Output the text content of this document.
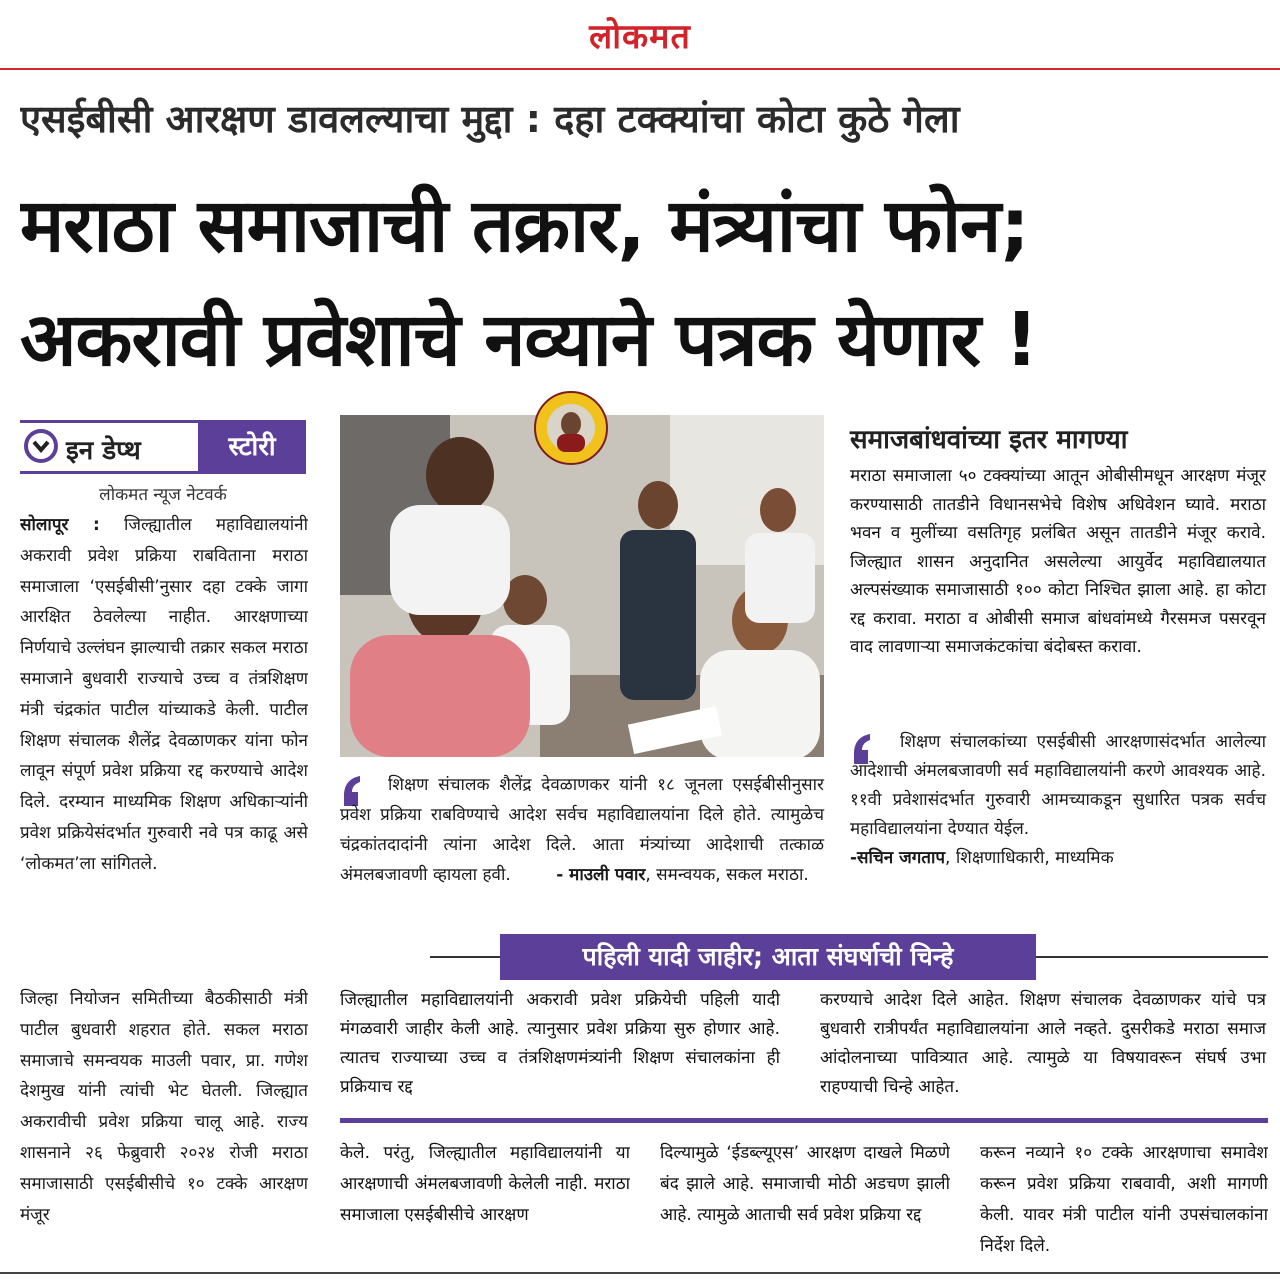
लोकमत
एसईबीसी आरक्षण डावलल्याचा मुद्दा : दहा टक्क्यांचा कोटा कुठे गेला
मराठा समाजाची तक्रार, मंत्र्यांचा फोन;
अकरावी प्रवेशाचे नव्याने पत्रक येणार !
इन डेप्थ	स्टोरी
लोकमत न्यूज नेटवर्क
सोलापूर : जिल्ह्यातील महाविद्यालयांनी अकरावी प्रवेश प्रक्रिया राबविताना मराठा समाजाला ‘एसईबीसी’नुसार दहा टक्के जागा आरक्षित ठेवलेल्या नाहीत. आरक्षणाच्या निर्णयाचे उल्लंघन झाल्याची तक्रार सकल मराठा समाजाने बुधवारी राज्याचे उच्च व तंत्रशिक्षण मंत्री चंद्रकांत पाटील यांच्याकडे केली. पाटील शिक्षण संचालक शैलेंद्र देवळाणकर यांना फोन लावून संपूर्ण प्रवेश प्रक्रिया रद्द करण्याचे आदेश दिले. दरम्यान माध्यमिक शिक्षण अधिकाऱ्यांनी प्रवेश प्रक्रियेसंदर्भात गुरुवारी नवे पत्र काढू असे ‘लोकमत’ला सांगितले.
जिल्हा नियोजन समितीच्या बैठकीसाठी मंत्री पाटील बुधवारी शहरात होते. सकल मराठा समाजाचे समन्वयक माउली पवार, प्रा. गणेश देशमुख यांनी त्यांची भेट घेतली. जिल्ह्यात अकरावीची प्रवेश प्रक्रिया चालू आहे. राज्य शासनाने २६ फेब्रुवारी २०२४ रोजी मराठा समाजासाठी एसईबीसीचे १० टक्के आरक्षण मंजूर
शिक्षण संचालक शैलेंद्र देवळाणकर यांनी १८ जूनला एसईबीसीनुसार प्रवेश प्रक्रिया राबविण्याचे आदेश सर्वच महाविद्यालयांना दिले होते. त्यामुळेच चंद्रकांतदादांनी त्यांना आदेश दिले. आता मंत्र्यांच्या आदेशाची तत्काळ अंमलबजावणी व्हायला हवी.	- माउली पवार, समन्वयक, सकल मराठा.
समाजबांधवांच्या इतर मागण्या
मराठा समाजाला ५० टक्क्यांच्या आतून ओबीसीमधून आरक्षण मंजूर करण्यासाठी तातडीने विधानसभेचे विशेष अधिवेशन घ्यावे. मराठा भवन व मुलींच्या वसतिगृह प्रलंबित असून तातडीने मंजूर करावे. जिल्ह्यात शासन अनुदानित असलेल्या आयुर्वेद महाविद्यालयात अल्पसंख्याक समाजासाठी १०० कोटा निश्चित झाला आहे. हा कोटा रद्द करावा. मराठा व ओबीसी समाज बांधवांमध्ये गैरसमज पसरवून वाद लावणाऱ्या समाजकंटकांचा बंदोबस्त करावा.
शिक्षण संचालकांच्या एसईबीसी आरक्षणासंदर्भात आलेल्या आदेशाची अंमलबजावणी सर्व महाविद्यालयांनी करणे आवश्यक आहे. ११वी प्रवेशासंदर्भात गुरुवारी आमच्याकडून सुधारित पत्रक सर्वच महाविद्यालयांना देण्यात येईल.
-सचिन जगताप, शिक्षणाधिकारी, माध्यमिक
पहिली यादी जाहीर; आता संघर्षाची चिन्हे
जिल्ह्यातील महाविद्यालयांनी अकरावी प्रवेश प्रक्रियेची पहिली यादी मंगळवारी जाहीर केली आहे. त्यानुसार प्रवेश प्रक्रिया सुरु होणार आहे. त्यातच राज्याच्या उच्च व तंत्रशिक्षणमंत्र्यांनी शिक्षण संचालकांना ही प्रक्रियाच रद्द
करण्याचे आदेश दिले आहेत. शिक्षण संचालक देवळाणकर यांचे पत्र बुधवारी रात्रीपर्यंत महाविद्यालयांना आले नव्हते. दुसरीकडे मराठा समाज आंदोलनाच्या पावित्र्यात आहे. त्यामुळे या विषयावरून संघर्ष उभा राहण्याची चिन्हे आहेत.
केले. परंतु, जिल्ह्यातील महाविद्यालयांनी या आरक्षणाची अंमलबजावणी केलेली नाही. मराठा समाजाला एसईबीसीचे आरक्षण
दिल्यामुळे ‘ईडब्ल्यूएस’ आरक्षण दाखले मिळणे बंद झाले आहे. समाजाची मोठी अडचण झाली आहे. त्यामुळे आताची सर्व प्रवेश प्रक्रिया रद्द
करून नव्याने १० टक्के आरक्षणाचा समावेश करून प्रवेश प्रक्रिया राबवावी, अशी मागणी केली. यावर मंत्री पाटील यांनी उपसंचालकांना निर्देश दिले.
